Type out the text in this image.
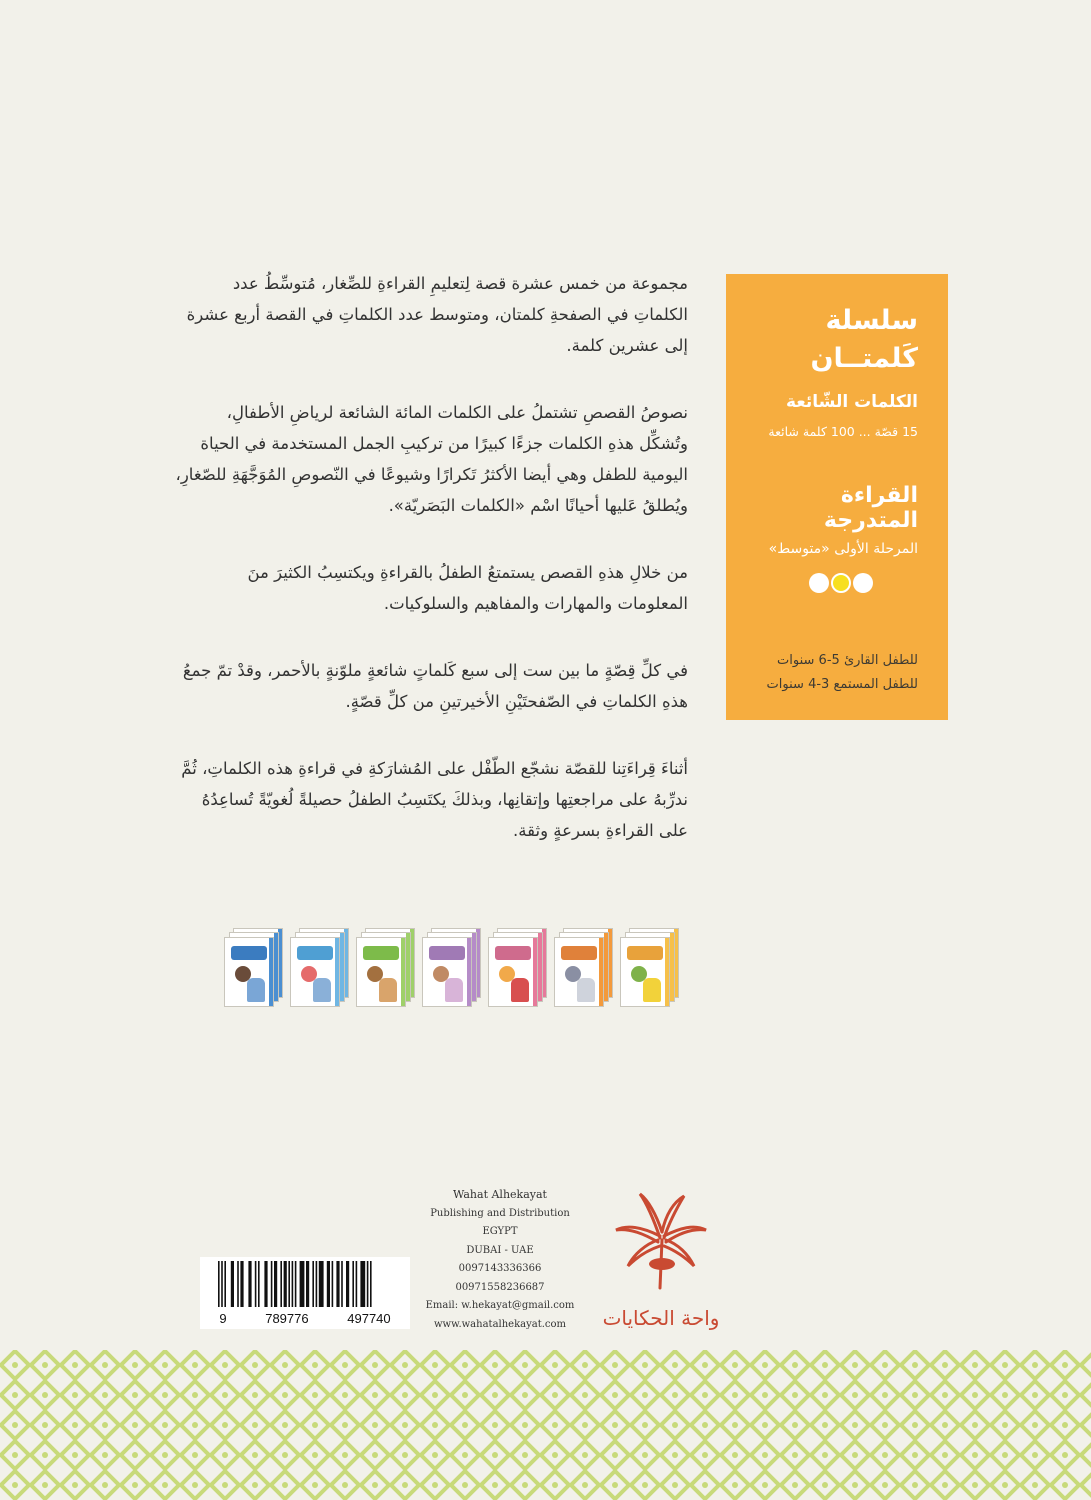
سلسلة كَلمتــان
الكلمات الشّائعة
15 قصّة ... 100 كلمة شائعة
القراءة المتدرجة
المرحلة الأولى «متوسط»
للطفل القارئ 5-6 سنوات
للطفل المستمع 3-4 سنوات

مجموعة من خمس عشرة قصة لِتعليمِ القراءةِ للصِّغار، مُتوسِّطُ عدد الكلماتِ في الصفحةِ كلمتان، ومتوسط عدد الكلماتِ في القصة أربع عشرة إلى عشرين كلمة.

نصوصُ القصصِ تشتملُ على الكلمات المائة الشائعة لرياضِ الأطفالِ، وتُشكِّل هذهِ الكلمات جزءًا كبيرًا من تركيبِ الجمل المستخدمة في الحياة اليومية للطفل وهي أيضا الأكثرُ تَكرارًا وشيوعًا في النّصوصِ المُوَجَّهَةِ للصّغارِ، ويُطلقُ عَليها أحيانًا اسْم «الكلمات البَصَريّة».

من خلالِ هذهِ القصص يستمتعُ الطفلُ بالقراءةِ ويكتسِبُ الكثيرَ منَ المعلومات والمهارات والمفاهيم والسلوكيات.

في كلِّ قِصّةٍ ما بين ست إلى سبع كَلماتٍ شائعةٍ ملوّنةٍ بالأحمر، وقدْ تمّ جمعُ هذهِ الكلماتِ في الصّفحتَيْنِ الأخيرتينِ من كلِّ قصّةٍ.

أثناءَ قِراءَتِنا للقصّة نشجّع الطّفْل على المُشارَكةِ في قراءةِ هذه الكلماتِ، ثُمَّ ندرِّبهُ على مراجعتِها وإتقانِها، وبذلكَ يكتَسِبُ الطفلُ حصيلةً لُغويّةً تُساعِدُهُ على القراءةِ بسرعةٍ وثقة.

9	789776	497740
Wahat Alhekayat
Publishing and Distribution
EGYPT
DUBAI - UAE
0097143336366
00971558236687
Email: w.hekayat@gmail.com
www.wahatalhekayat.com	واحة الحكايات
